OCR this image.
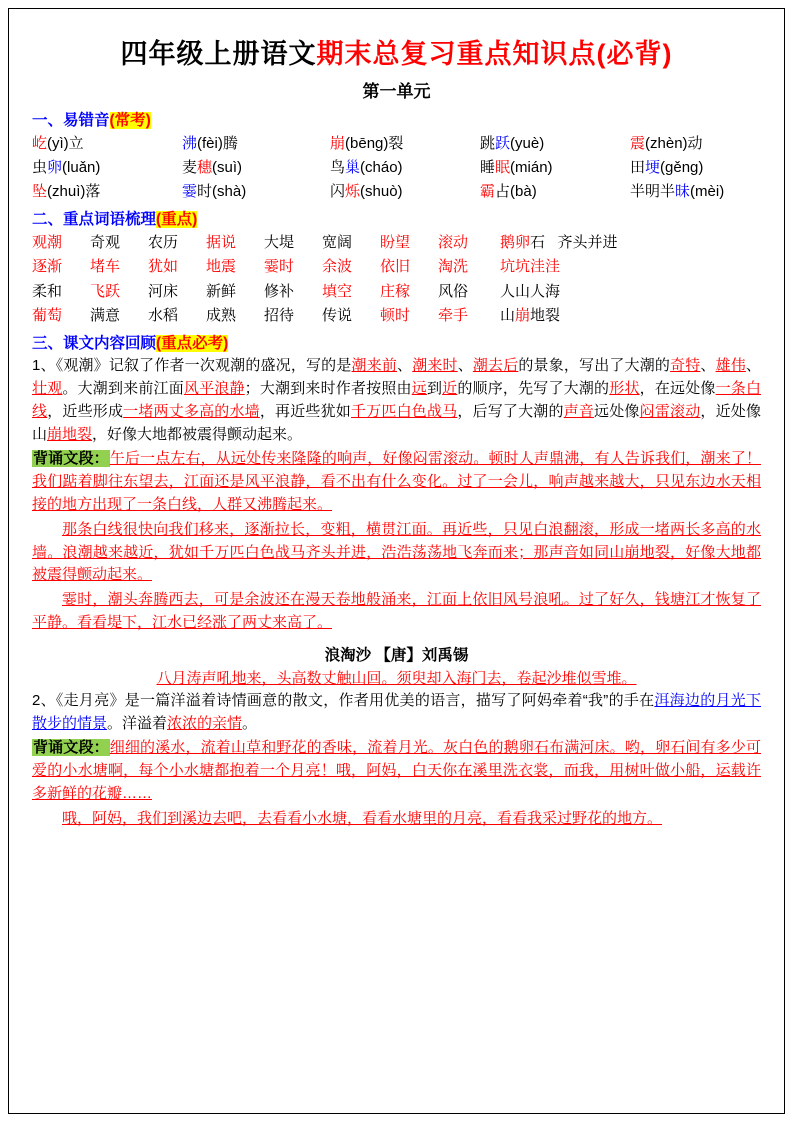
四年级上册语文期末总复习重点知识点(必背)
第一单元
一、易错音(常考)
屹(yì)立	沸(fèi)腾	崩(bēng)裂	跳跃(yuè)	震(zhèn)动
虫卵(luǎn)	麦穗(suì)	鸟巢(cháo)	睡眠(mián)	田埂(gěng)
坠(zhuì)落	霎时(shà)	闪烁(shuò)	霸占(bà)	半明半昧(mèi)
二、重点词语梳理(重点)
观潮	奇观	农历	据说	大堤	宽阔	盼望	滚动	鹅卵石   齐头并进
逐渐	堵车	犹如	地震	霎时	余波	依旧	淘洗	坑坑洼洼
柔和	飞跃	河床	新鲜	修补	填空	庄稼	风俗	人山人海
葡萄	满意	水稻	成熟	招待	传说	顿时	牵手	山崩地裂
三、课文内容回顾(重点必考)
1、《观潮》记叙了作者一次观潮的盛况，写的是潮来前、潮来时、潮去后的景象，写出了大潮的奇特、雄伟、壮观。大潮到来前江面风平浪静；大潮到来时作者按照由远到近的顺序，先写了大潮的形状，在远处像一条白线，近些形成一堵两丈多高的水墙，再近些犹如千万匹白色战马，后写了大潮的声音远处像闷雷滚动，近处像山崩地裂，好像大地都被震得颤动起来。
背诵文段：午后一点左右，从远处传来隆隆的响声，好像闷雷滚动。顿时人声鼎沸，有人告诉我们，潮来了！我们踮着脚往东望去，江面还是风平浪静，看不出有什么变化。过了一会儿，响声越来越大，只见东边水天相接的地方出现了一条白线，人群又沸腾起来。
那条白线很快向我们移来，逐渐拉长，变粗，横贯江面。再近些，只见白浪翻滚，形成一堵两长多高的水墙。浪潮越来越近，犹如千万匹白色战马齐头并进，浩浩荡荡地飞奔而来；那声音如同山崩地裂，好像大地都被震得颤动起来。
霎时，潮头奔腾西去，可是余波还在漫天卷地般涌来，江面上依旧风号浪吼。过了好久，钱塘江才恢复了平静。看看堤下，江水已经涨了两丈来高了。
浪淘沙 【唐】刘禹锡
八月涛声吼地来，头高数丈触山回。须臾却入海门去，卷起沙堆似雪堆。
2、《走月亮》是一篇洋溢着诗情画意的散文，作者用优美的语言，描写了阿妈牵着“我”的手在洱海边的月光下散步的情景。洋溢着浓浓的亲情。
背诵文段：细细的溪水，流着山草和野花的香味，流着月光。灰白色的鹅卵石布满河床。哟，卵石间有多少可爱的小水塘啊，每个小水塘都抱着一个月亮！哦，阿妈，白天你在溪里洗衣裳，而我，用树叶做小船，运载许多新鲜的花瓣……
哦，阿妈，我们到溪边去吧，去看看小水塘，看看水塘里的月亮，看看我采过野花的地方。
